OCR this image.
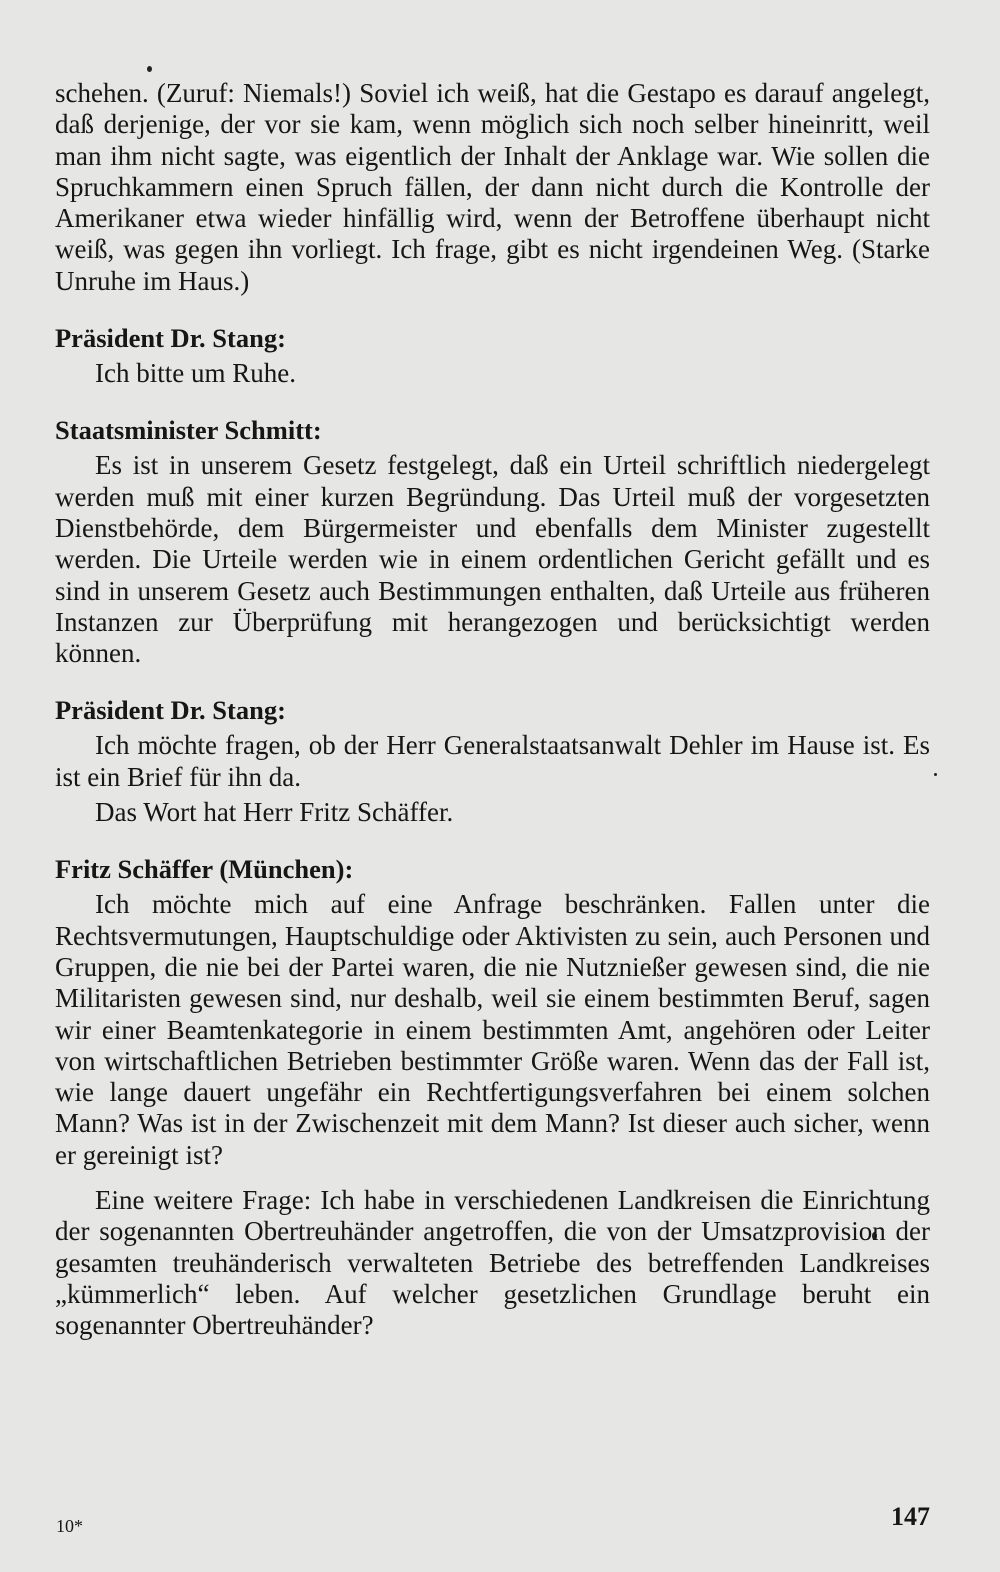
schehen. (Zuruf: Niemals!) Soviel ich weiß, hat die Gestapo es darauf angelegt, daß derjenige, der vor sie kam, wenn möglich sich noch selber hineinritt, weil man ihm nicht sagte, was eigentlich der Inhalt der Anklage war. Wie sollen die Spruchkammern einen Spruch fällen, der dann nicht durch die Kontrolle der Amerikaner etwa wieder hinfällig wird, wenn der Betroffene überhaupt nicht weiß, was gegen ihn vorliegt. Ich frage, gibt es nicht irgendeinen Weg. (Starke Unruhe im Haus.)

Präsident Dr. Stang:

Ich bitte um Ruhe.

Staatsminister Schmitt:

Es ist in unserem Gesetz festgelegt, daß ein Urteil schriftlich niedergelegt werden muß mit einer kurzen Begründung. Das Urteil muß der vorgesetzten Dienstbehörde, dem Bürgermeister und ebenfalls dem Minister zugestellt werden. Die Urteile werden wie in einem ordentlichen Gericht gefällt und es sind in unserem Gesetz auch Bestimmungen enthalten, daß Urteile aus früheren Instanzen zur Überprüfung mit herangezogen und berücksichtigt werden können.

Präsident Dr. Stang:

Ich möchte fragen, ob der Herr Generalstaatsanwalt Dehler im Hause ist. Es ist ein Brief für ihn da.

Das Wort hat Herr Fritz Schäffer.

Fritz Schäffer (München):

Ich möchte mich auf eine Anfrage beschränken. Fallen unter die Rechtsvermutungen, Hauptschuldige oder Aktivisten zu sein, auch Personen und Gruppen, die nie bei der Partei waren, die nie Nutznießer gewesen sind, die nie Militaristen gewesen sind, nur deshalb, weil sie einem bestimmten Beruf, sagen wir einer Beamtenkategorie in einem bestimmten Amt, angehören oder Leiter von wirtschaftlichen Betrieben bestimmter Größe waren. Wenn das der Fall ist, wie lange dauert ungefähr ein Rechtfertigungsverfahren bei einem solchen Mann? Was ist in der Zwischenzeit mit dem Mann? Ist dieser auch sicher, wenn er gereinigt ist?

Eine weitere Frage: Ich habe in verschiedenen Landkreisen die Einrichtung der sogenannten Obertreuhänder angetroffen, die von der Umsatzprovision der gesamten treuhänderisch verwalteten Betriebe des betreffenden Landkreises „kümmerlich“ leben. Auf welcher gesetzlichen Grundlage beruht ein sogenannter Obertreuhänder?

10*	147
